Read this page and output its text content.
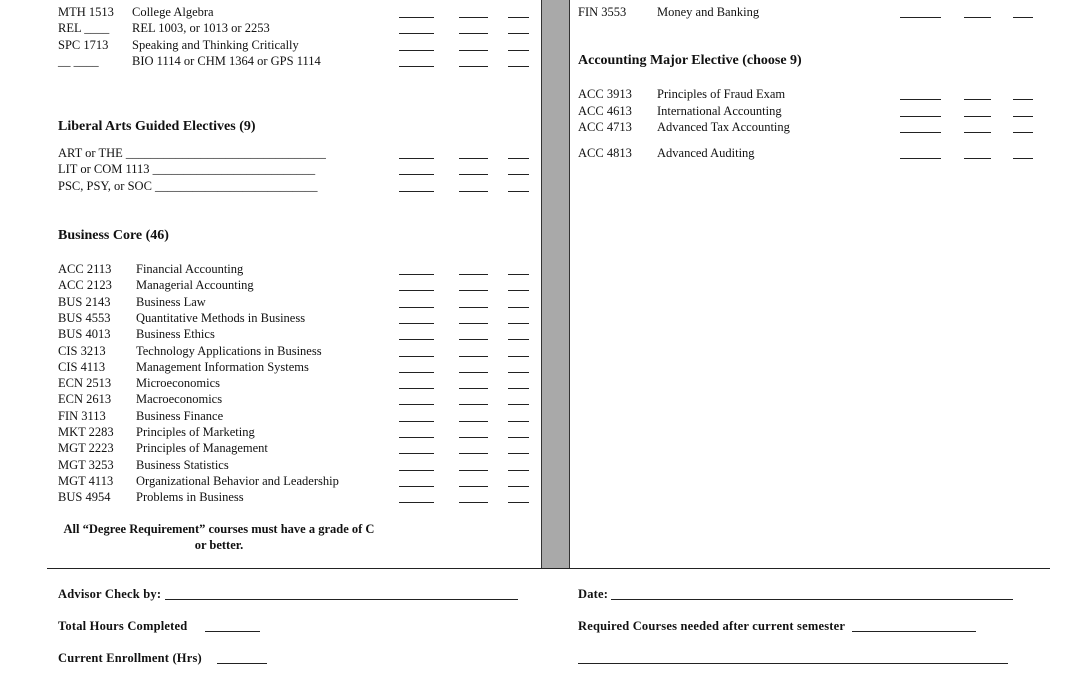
MTH 1513 College Algebra
REL ____ REL 1003, or 1013 or 2253
SPC 1713 Speaking and Thinking Critically
__ ____	BIO 1114 or CHM 1364 or GPS 1114
Liberal Arts Guided Electives (9)
ART or THE ________________________________
LIT or COM 1113 __________________________
PSC, PSY, or SOC __________________________
Business Core (46)
ACC 2113 Financial Accounting
ACC 2123 Managerial Accounting
BUS 2143 Business Law
BUS 4553 Quantitative Methods in Business
BUS 4013 Business Ethics
CIS 3213 Technology Applications in Business
CIS 4113 Management Information Systems
ECN 2513 Microeconomics
ECN 2613 Macroeconomics
FIN 3113 Business Finance
MKT 2283 Principles of Marketing
MGT 2223 Principles of Management
MGT 3253 Business Statistics
MGT 4113 Organizational Behavior and Leadership
BUS 4954 Problems in Business
All “Degree Requirement” courses must have a grade of C or better.
FIN 3553 Money and Banking
Accounting Major Elective (choose 9)
ACC 3913 Principles of Fraud Exam
ACC 4613 International Accounting
ACC 4713 Advanced Tax Accounting
ACC 4813 Advanced Auditing
Advisor Check by:	Date:
Total Hours Completed	Required Courses needed after current semester
Current Enrollment (Hrs)
